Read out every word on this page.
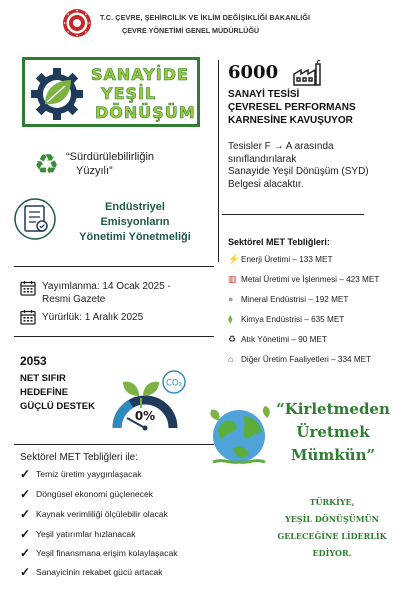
T.C. ÇEVRE, ŞEHİRCİLİK VE İKLİM DEĞİŞİKLİĞİ BAKANLIĞI
ÇEVRE YÖNETİMİ GENEL MÜDÜRLÜĞÜ
SANAYİDE
YEŞİL
DÖNÜŞÜM
♻ “Sürdürülebilirliğin
Yüzyılı”
Endüstriyel
Emisyonların
Yönetimi Yönetmeliği
Yayımlanma: 14 Ocak 2025 -
Resmi Gazete
Yürürlük: 1 Aralık 2025
2053
NET SIFIR
HEDEFİNE
GÜÇLÜ DESTEK
CO₂
0%
Sektörel MET Tebliğleri ile:
✓ Temiz üretim yaygınlaşacak
✓ Döngüsel ekonomi güçlenecek
✓ Kaynak verimliliği ölçülebilir olacak
✓ Yeşil yatırımlar hızlanacak
✓ Yeşil finansmana erişim kolaylaşacak
✓ Sanayicinin rekabet gücü artacak
6000
SANAYİ TESİSİ
ÇEVRESEL PERFORMANS
KARNESİNE KAVUŞUYOR
Tesisler F → A arasında
sınıflandırılarak
Sanayide Yeşil Dönüşüm (SYD)
Belgesi alacaktır.
Sektörel MET Tebliğleri:
⚡ Enerji Üretimi – 133 MET
▥ Metal Üretimi ve İşlenmesi – 423 MET
● Mineral Endüstrisi – 192 MET
⧫	Kimya Endüstrisi – 635 MET
♻ Atık Yönetimi – 90 MET
⌂ Diğer Üretim Faaliyetleri – 334 MET
“Kirletmeden
Üretmek
Mümkün”
TÜRKİYE,
YEŞİL DÖNÜŞÜMÜN
GELECEĞİNE LİDERLİK
EDİYOR.
